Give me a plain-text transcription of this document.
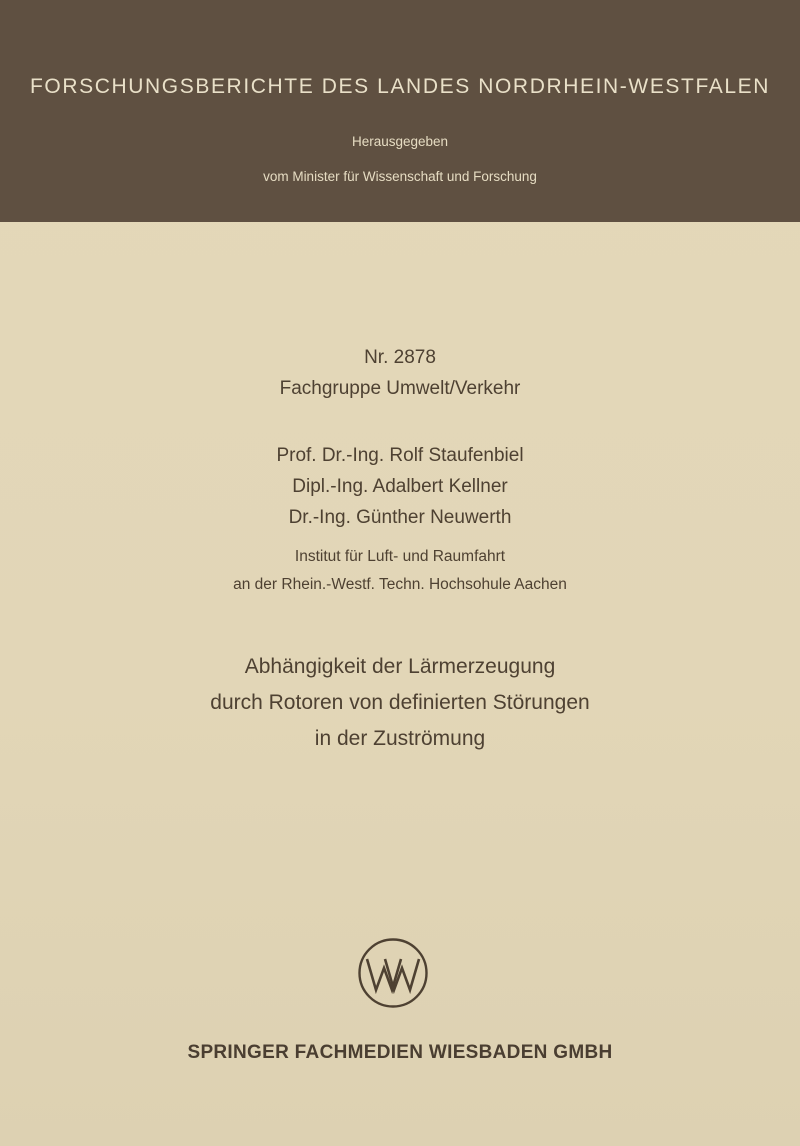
FORSCHUNGSBERICHTE DES LANDES NORDRHEIN-WESTFALEN
Herausgegeben
vom Minister für Wissenschaft und Forschung
Nr. 2878
Fachgruppe Umwelt/Verkehr
Prof. Dr.-Ing. Rolf Staufenbiel
Dipl.-Ing. Adalbert Kellner
Dr.-Ing. Günther Neuwerth
Institut für Luft- und Raumfahrt
an der Rhein.-Westf. Techn. Hochsohule Aachen
Abhängigkeit der Lärmerzeugung
durch Rotoren von definierten Störungen
in der Zuströmung
SPRINGER FACHMEDIEN WIESBADEN GMBH
